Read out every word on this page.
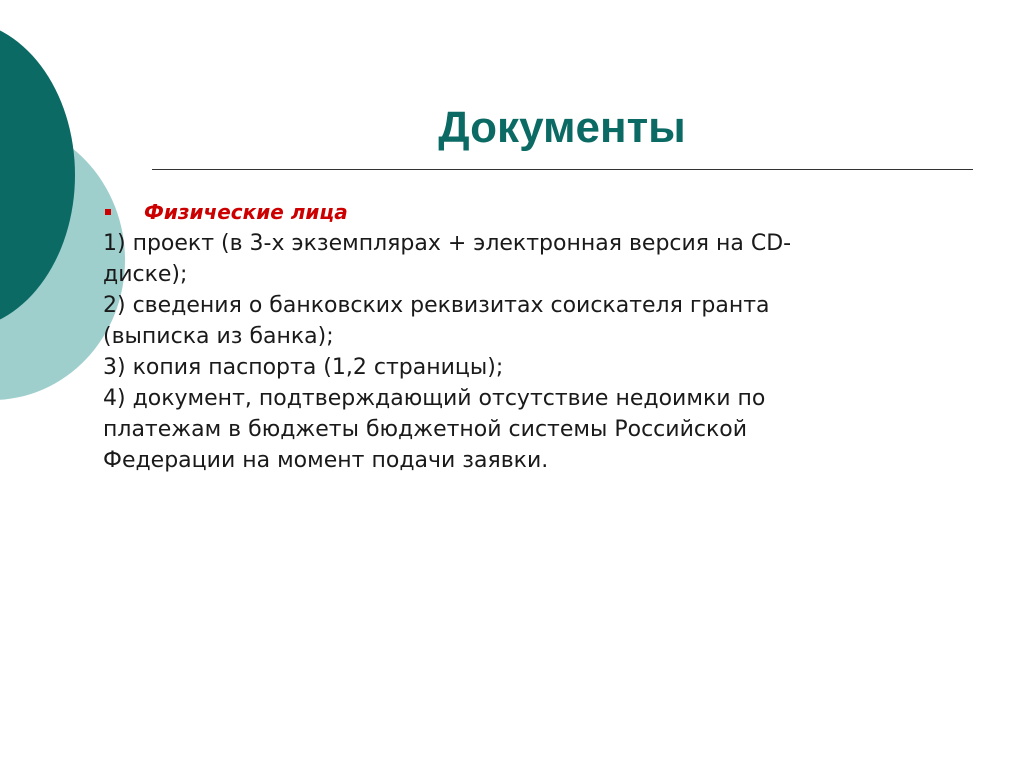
Документы
Физические лица
1) проект (в 3-х экземплярах + электронная версия на CD-
диске);
2) сведения о банковских реквизитах соискателя гранта
(выписка из банка);
3) копия паспорта (1,2 страницы);
4) документ, подтверждающий отсутствие недоимки по
платежам в бюджеты бюджетной системы Российской
Федерации на момент подачи заявки.
